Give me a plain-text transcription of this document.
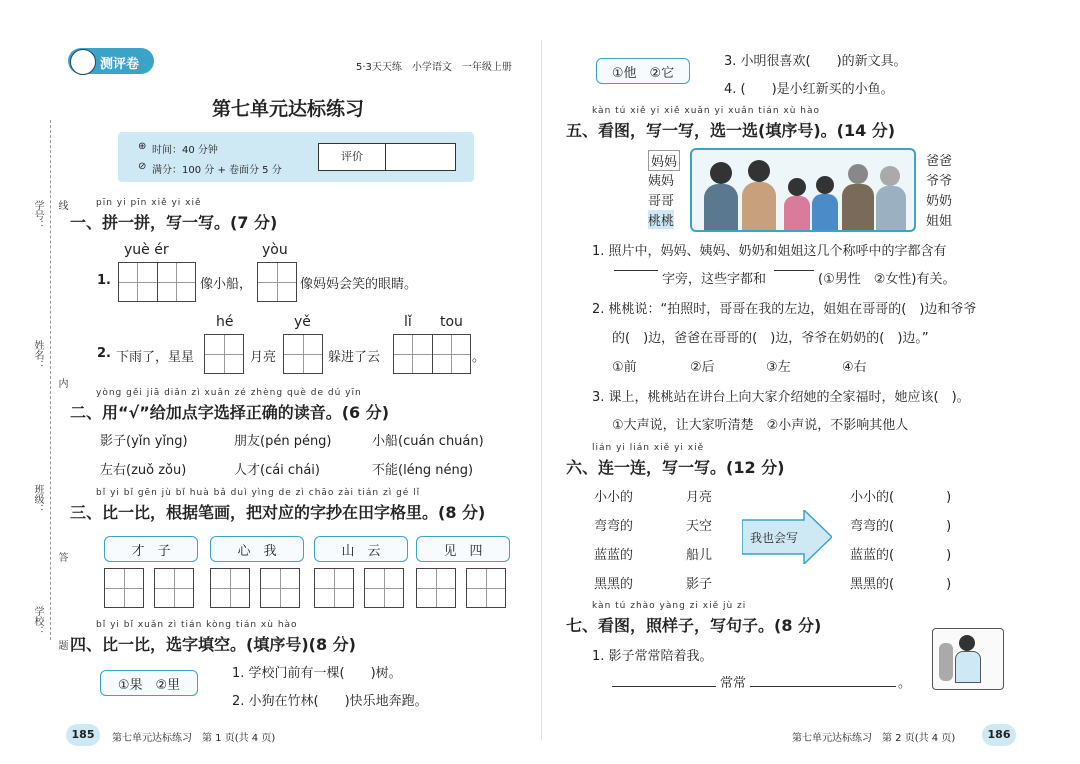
测评卷	5·3天天练　小学语文　一年级上册
第七单元达标练习
⊕ 时间：40 分钟
⊘ 满分：100 分 + 卷面分 5 分
评价
学号：
姓名：
班级：
学校：
线
内
答
题
pīn yi pīn xiě yi xiě
一、拼一拼，写一写。(7 分)
yuè ér	yòu
1.	像小船，	像妈妈会笑的眼睛。
hé	yě	lǐ tou
2. 下雨了，星星	月亮	躲进了云	。
yòng gěi jiā diǎn zì xuǎn zé zhèng què de dú yīn
二、用“√”给加点字选择正确的读音。(6 分)
影子(yǐn yǐng)	朋友(pén péng)	小船(cuán chuán)
左右(zuǒ zǒu)	人才(cái chái)	不能(léng néng)
bǐ yi bǐ gēn jù bǐ huà bǎ duì yìng de zì chāo zài tián zì gé lǐ
三、比一比，根据笔画，把对应的字抄在田字格里。(8 分)
才　子	心　我	山　云	见　四
bǐ yi bǐ xuǎn zì tián kòng tián xù hào
四、比一比，选字填空。(填序号)(8 分)
①果　②里
1. 学校门前有一棵(　　)树。
2. 小狗在竹林(　　)快乐地奔跑。
185	第七单元达标练习　第 1 页(共 4 页)
①他　②它
3. 小明很喜欢(　　)的新文具。
4. (　　)是小红新买的小鱼。
kàn tú xiě yi xiě xuǎn yi xuǎn tián xù hào
五、看图，写一写，选一选(填序号)。(14 分)
妈妈
姨妈
哥哥
桃桃
爸爸
爷爷
奶奶
姐姐
1. 照片中，妈妈、姨妈、奶奶和姐姐这几个称呼中的字都含有
字旁，这些字都和	(①男性　②女性)有关。
2. 桃桃说：“拍照时，哥哥在我的左边，姐姐在哥哥的(　)边和爷爷
的(　)边，爸爸在哥哥的(　)边，爷爷在奶奶的(　)边。”
①前	②后	③左	④右
3. 课上，桃桃站在讲台上向大家介绍她的全家福时，她应该(　)。
①大声说，让大家听清楚　②小声说，不影响其他人
lián yi lián xiě yi xiě
六、连一连，写一写。(12 分)
小小的
弯弯的
蓝蓝的
黑黑的
月亮
天空
船儿
影子
我也会写
小小的(　　　　)
弯弯的(　　　　)
蓝蓝的(　　　　)
黑黑的(　　　　)
kàn tú zhào yàng zi xiě jù zi
七、看图，照样子，写句子。(8 分)
1. 影子常常陪着我。
常常	。
第七单元达标练习　第 2 页(共 4 页)	186
